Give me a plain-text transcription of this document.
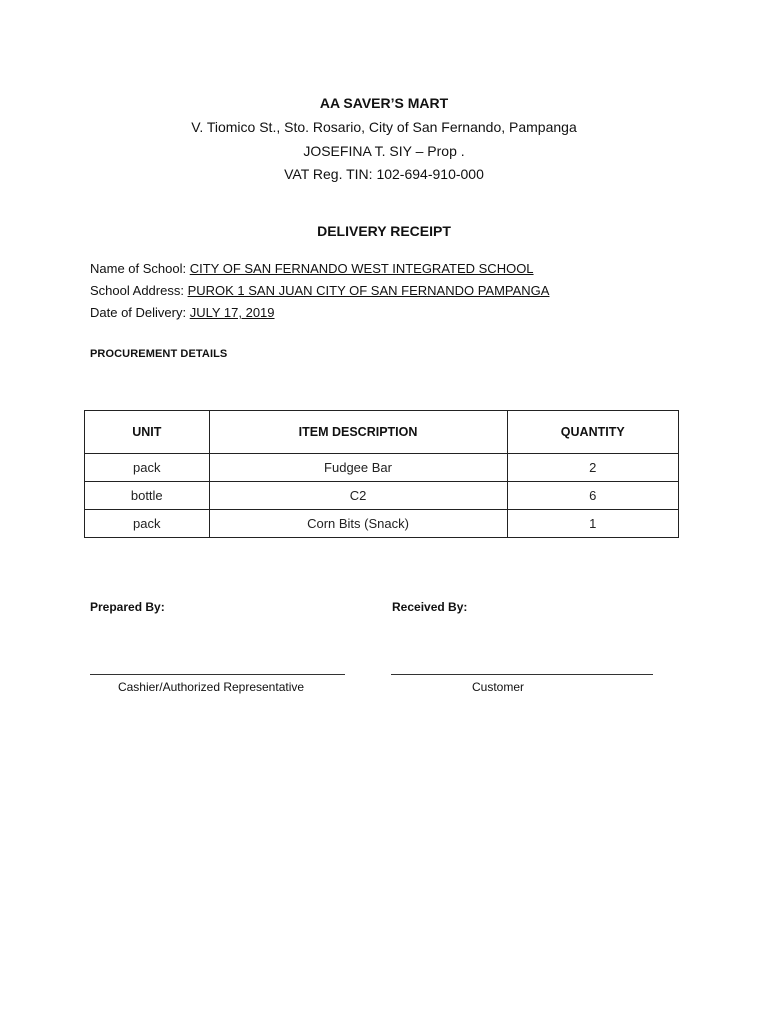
AA SAVER’S MART
V. Tiomico St., Sto. Rosario, City of San Fernando, Pampanga
JOSEFINA T. SIY – Prop .
VAT Reg. TIN: 102-694-910-000
DELIVERY RECEIPT
Name of School: CITY OF SAN FERNANDO WEST INTEGRATED SCHOOL
School Address: PUROK 1 SAN JUAN CITY OF SAN FERNANDO PAMPANGA
Date of Delivery: JULY 17, 2019
PROCUREMENT DETAILS
UNIT	ITEM DESCRIPTION	QUANTITY
pack	Fudgee Bar	2
bottle	C2	6
pack	Corn Bits (Snack)	1
Prepared By:	Received By:
Cashier/Authorized Representative	Customer
